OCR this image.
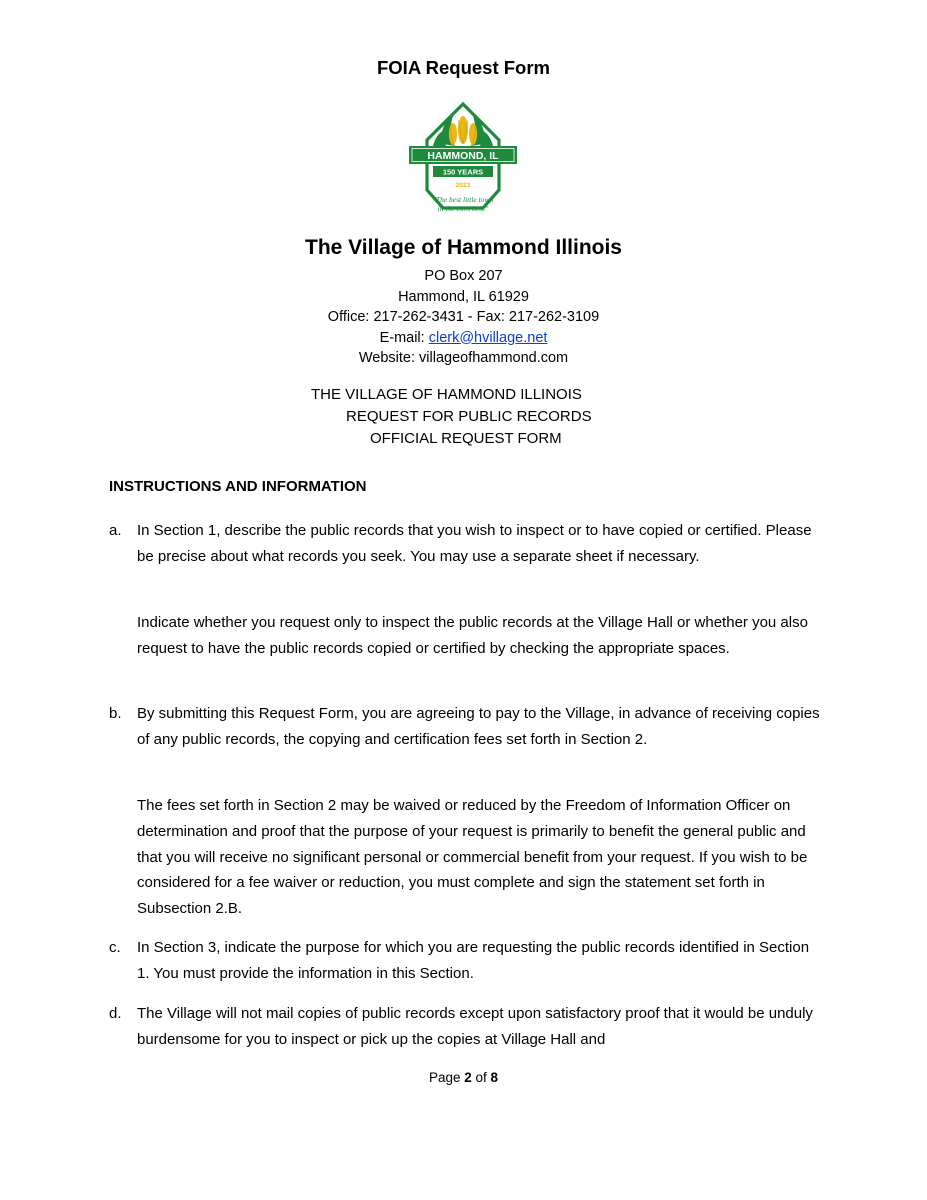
FOIA Request Form
HAMMOND, IL
150 YEARS
2023
"The best little town
in the corn belt."
The Village of Hammond Illinois
PO Box 207
Hammond, IL 61929
Office: 217-262-3431 - Fax: 217-262-3109
E-mail: clerk@hvillage.net
Website: villageofhammond.com
THE VILLAGE OF HAMMOND ILLINOIS
REQUEST FOR PUBLIC RECORDS
OFFICIAL REQUEST FORM
INSTRUCTIONS AND INFORMATION
a.	In Section 1, describe the public records that you wish to inspect or to have copied or certified. Please be precise about what records you seek. You may use a separate sheet if necessary.
Indicate whether you request only to inspect the public records at the Village Hall or whether you also request to have the public records copied or certified by checking the appropriate spaces.
b.	By submitting this Request Form, you are agreeing to pay to the Village, in advance of receiving copies of any public records, the copying and certification fees set forth in Section 2.
The fees set forth in Section 2 may be waived or reduced by the Freedom of Information Officer on determination and proof that the purpose of your request is primarily to benefit the general public and that you will receive no significant personal or commercial benefit from your request. If you wish to be considered for a fee waiver or reduction, you must complete and sign the statement set forth in Subsection 2.B.
c.	In Section 3, indicate the purpose for which you are requesting the public records identified in Section 1. You must provide the information in this Section.
d.	The Village will not mail copies of public records except upon satisfactory proof that it would be unduly burdensome for you to inspect or pick up the copies at Village Hall and
Page 2 of 8
